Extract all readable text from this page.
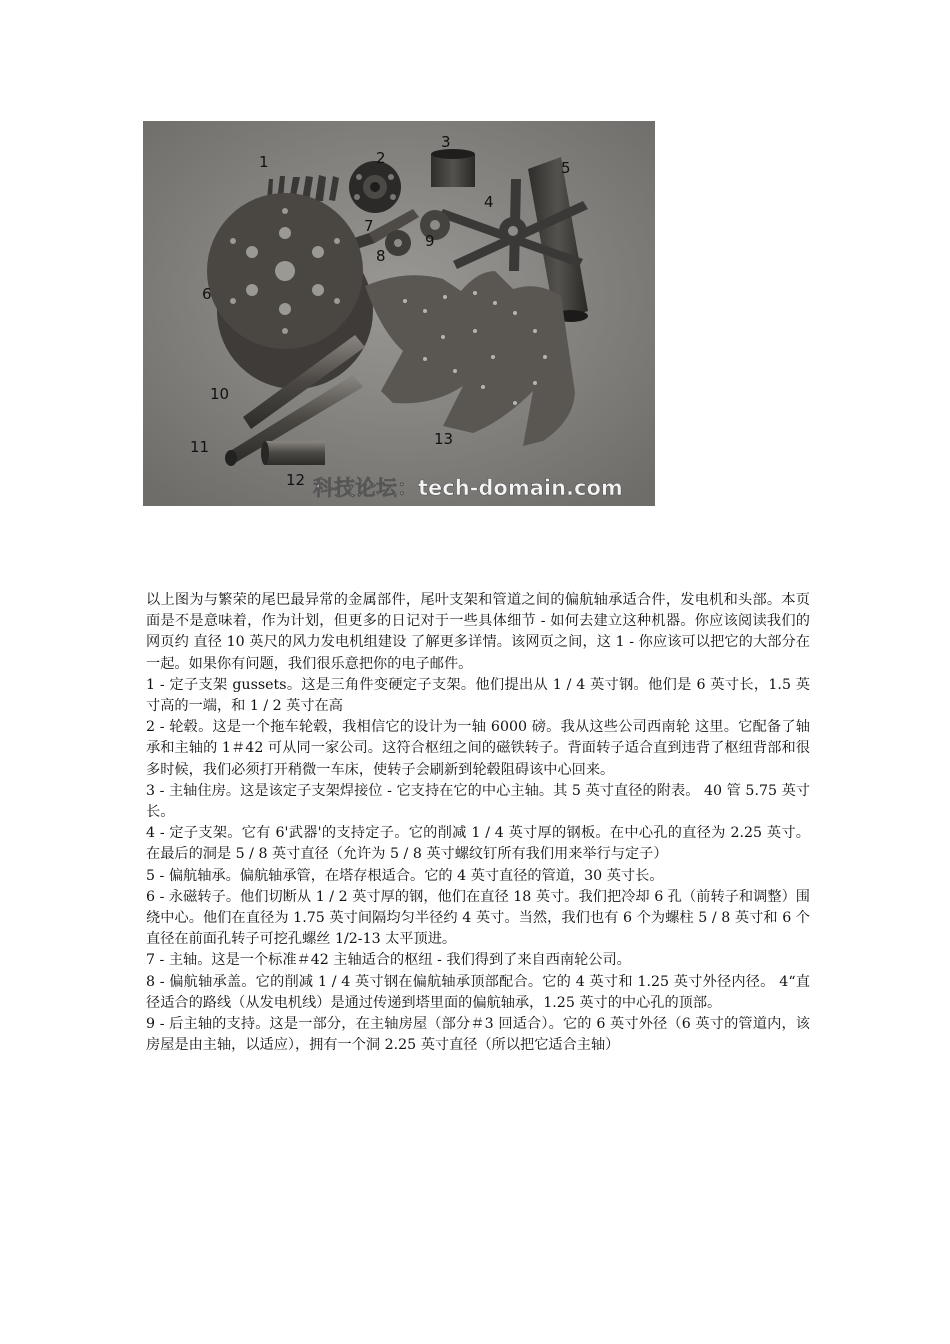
1	2
3
4
5
6
7
8
9
10
11
12
13
科技论坛：tech-domain.com

以上图为与繁荣的尾巴最异常的金属部件，尾叶支架和管道之间的偏航轴承适合件，发电机和头部。本页面是不是意味着，作为计划，但更多的日记对于一些具体细节 - 如何去建立这种机器。你应该阅读我们的网页约 直径 10 英尺的风力发电机组建设 了解更多详情。该网页之间，这 1 - 你应该可以把它的大部分在一起。如果你有问题，我们很乐意把你的电子邮件。

1 - 定子支架 gussets。这是三角件变硬定子支架。他们提出从 1 / 4 英寸钢。他们是 6 英寸长，1.5 英寸高的一端，和 1 / 2 英寸在高

2 - 轮毂。这是一个拖车轮毂，我相信它的设计为一轴 6000 磅。我从这些公司西南轮 这里。它配备了轴承和主轴的 1＃42 可从同一家公司。这符合枢纽之间的磁铁转子。背面转子适合直到违背了枢纽背部和很多时候，我们必须打开稍微一车床，使转子会刷新到轮毂阻碍该中心回来。

3 - 主轴住房。这是该定子支架焊接位 - 它支持在它的中心主轴。其 5 英寸直径的附表。 40 管 5.75 英寸长。

4 - 定子支架。它有 6'武器'的支持定子。它的削减 1 / 4 英寸厚的钢板。在中心孔的直径为 2.25 英寸。在最后的洞是 5 / 8 英寸直径（允许为 5 / 8 英寸螺纹钉所有我们用来举行与定子）

5 - 偏航轴承。偏航轴承管，在塔存根适合。它的 4 英寸直径的管道，30 英寸长。

6 - 永磁转子。他们切断从 1 / 2 英寸厚的钢，他们在直径 18 英寸。我们把冷却 6 孔（前转子和调整）围绕中心。他们在直径为 1.75 英寸间隔均匀半径约 4 英寸。当然，我们也有 6 个为螺柱 5 / 8 英寸和 6 个直径在前面孔转子可挖孔螺丝 1/2-13 太平顶进。

7 - 主轴。这是一个标准＃42 主轴适合的枢纽 - 我们得到了来自西南轮公司。

8 - 偏航轴承盖。它的削减 1 / 4 英寸钢在偏航轴承顶部配合。它的 4 英寸和 1.25 英寸外径内径。 4“直径适合的路线（从发电机线）是通过传递到塔里面的偏航轴承，1.25 英寸的中心孔的顶部。

9 - 后主轴的支持。这是一部分，在主轴房屋（部分＃3 回适合）。它的 6 英寸外径（6 英寸的管道内，该房屋是由主轴，以适应），拥有一个洞 2.25 英寸直径（所以把它适合主轴）
